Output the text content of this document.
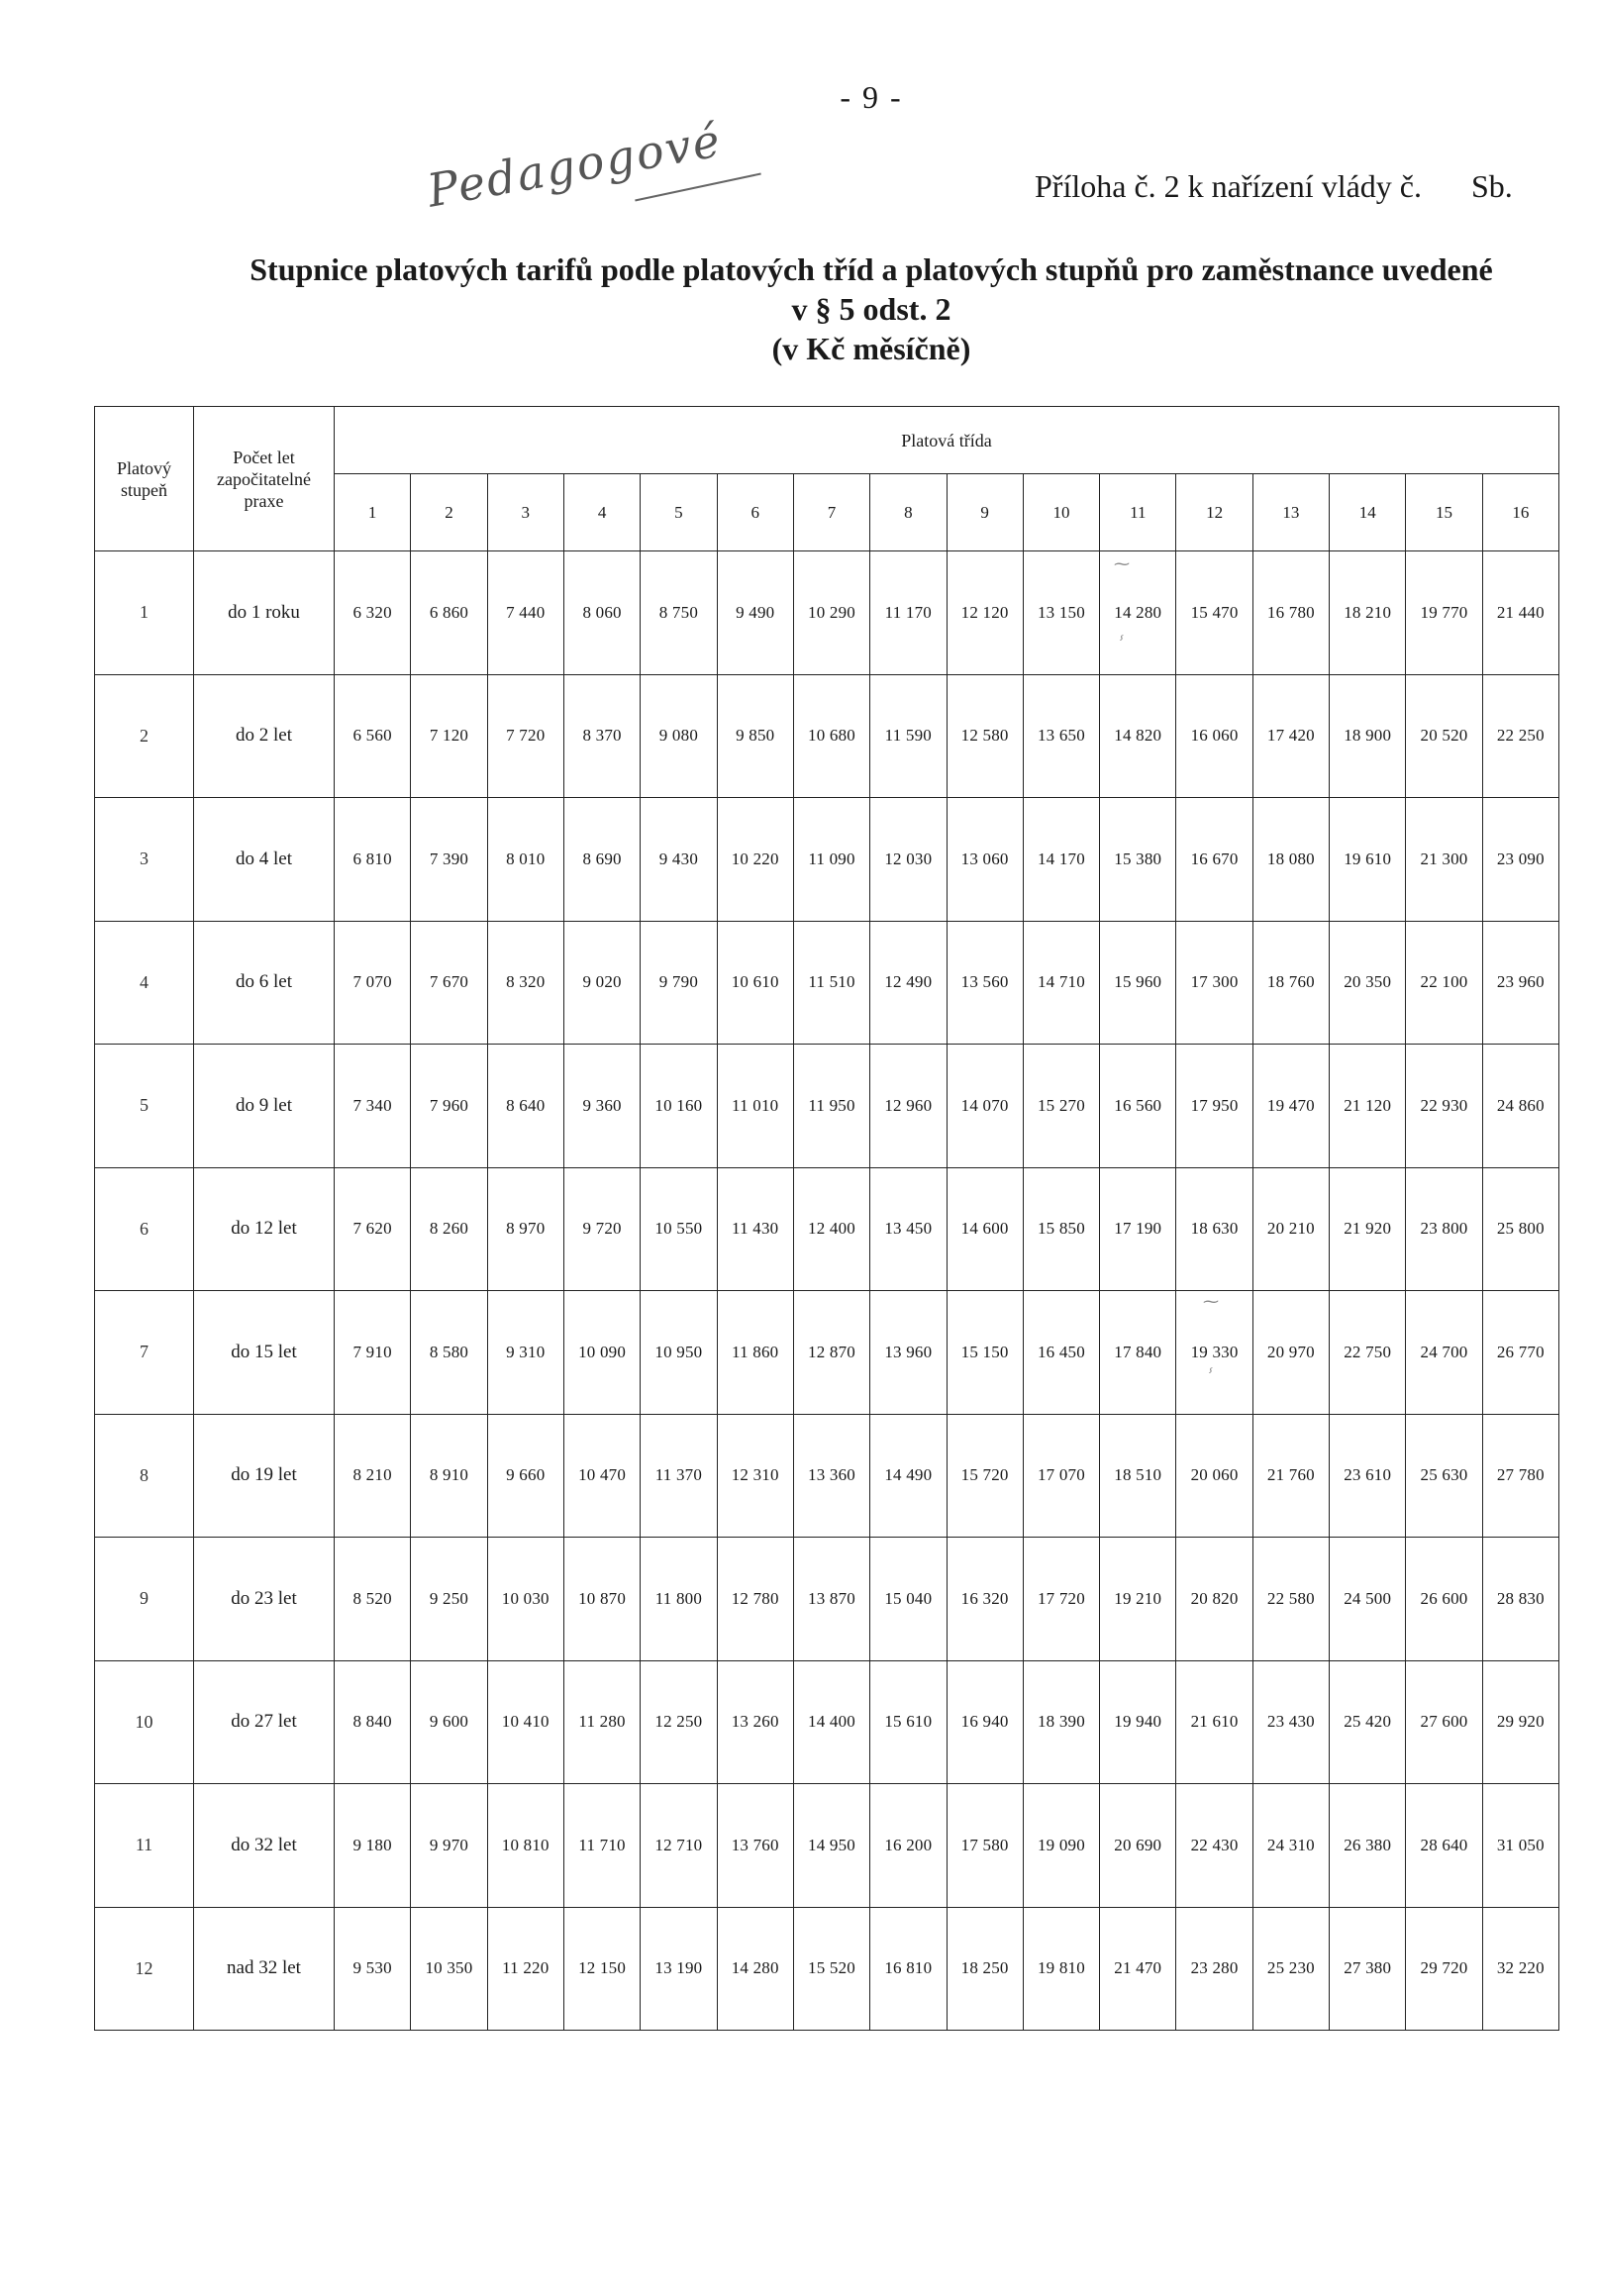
- 9 -
Pedagogové	Příloha č. 2 k nařízení vlády č. Sb.
Stupnice platových tarifů podle platových tříd a platových stupňů pro zaměstnance uvedené
v § 5 odst. 2
(v Kč měsíčně)
Platový stupeň	Počet let započitatelné praxe	Platová třída															
		1	2	3	4	5	6	7	8	9	10	11	12	13	14	15	16
1	do 1 roku	6 320	6 860	7 440	8 060	8 750	9 490	10 290	11 170	12 120	13 150	14 280	15 470	16 780	18 210	19 770	21 440
2	do 2 let	6 560	7 120	7 720	8 370	9 080	9 850	10 680	11 590	12 580	13 650	14 820	16 060	17 420	18 900	20 520	22 250
3	do 4 let	6 810	7 390	8 010	8 690	9 430	10 220	11 090	12 030	13 060	14 170	15 380	16 670	18 080	19 610	21 300	23 090
4	do 6 let	7 070	7 670	8 320	9 020	9 790	10 610	11 510	12 490	13 560	14 710	15 960	17 300	18 760	20 350	22 100	23 960
5	do 9 let	7 340	7 960	8 640	9 360	10 160	11 010	11 950	12 960	14 070	15 270	16 560	17 950	19 470	21 120	22 930	24 860
6	do 12 let	7 620	8 260	8 970	9 720	10 550	11 430	12 400	13 450	14 600	15 850	17 190	18 630	20 210	21 920	23 800	25 800
7	do 15 let	7 910	8 580	9 310	10 090	10 950	11 860	12 870	13 960	15 150	16 450	17 840	19 330	20 970	22 750	24 700	26 770
8	do 19 let	8 210	8 910	9 660	10 470	11 370	12 310	13 360	14 490	15 720	17 070	18 510	20 060	21 760	23 610	25 630	27 780
9	do 23 let	8 520	9 250	10 030	10 870	11 800	12 780	13 870	15 040	16 320	17 720	19 210	20 820	22 580	24 500	26 600	28 830
10	do 27 let	8 840	9 600	10 410	11 280	12 250	13 260	14 400	15 610	16 940	18 390	19 940	21 610	23 430	25 420	27 600	29 920
11	do 32 let	9 180	9 970	10 810	11 710	12 710	13 760	14 950	16 200	17 580	19 090	20 690	22 430	24 310	26 380	28 640	31 050
12	nad 32 let	9 530	10 350	11 220	12 150	13 190	14 280	15 520	16 810	18 250	19 810	21 470	23 280	25 230	27 380	29 720	32 220
⁓
ⸯ
⁓
ⸯ
